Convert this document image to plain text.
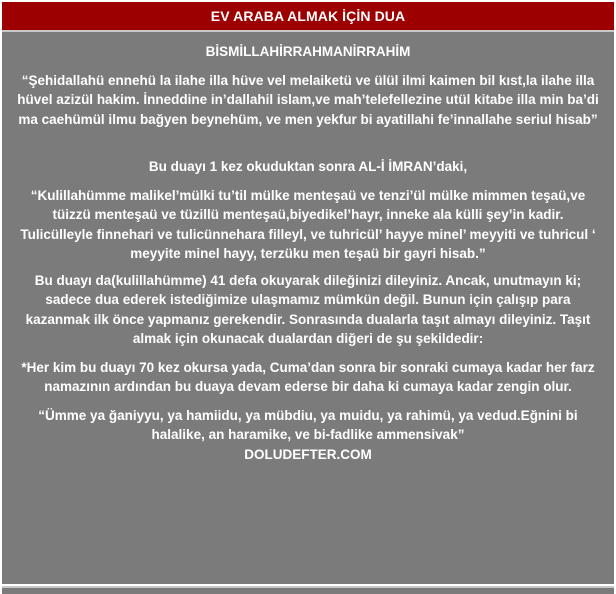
EV ARABA ALMAK İÇİN DUA

BİSMİLLAHİRRAHMANİRRAHİM

“Şehidallahü ennehü la ilahe illa hüve vel melaiketü ve ülül ilmi kaimen bil kıst,la ilahe illa hüvel azizül hakim. İnneddine in’dallahil islam,ve mah’telefellezine utül kitabe illa min ba’di ma caehümül ilmu bağyen beynehüm, ve men yekfur bi ayatillahi fe’innallahe seriul hisab”

Bu duayı 1 kez okuduktan sonra AL-İ İMRAN’daki,

“Kulillahümme malikel’mülki tu’til mülke menteşaü ve tenzi’ül mülke mimmen teşaü,ve tüizzü menteşaü ve tüzillü menteşaü,biyedikel’hayr, inneke ala külli şey’in kadir. Tulicülleyle finnehari ve tulicünnehara filleyl, ve tuhricül’ hayye minel’ meyyiti ve tuhricul ‘ meyyite minel hayy, terzüku men teşaü bir gayri hisab.”

Bu duayı da(kulillahümme) 41 defa okuyarak dileğinizi dileyiniz. Ancak, unutmayın ki; sadece dua ederek istediğimize ulaşmamız mümkün değil. Bunun için çalışıp para kazanmak ilk önce yapmanız gerekendir. Sonrasında dualarla taşıt almayı dileyiniz. Taşıt almak için okunacak dualardan diğeri de şu şekildedir:

*Her kim bu duayı 70 kez okursa yada, Cuma’dan sonra bir sonraki cumaya kadar her farz namazının ardından bu duaya devam ederse bir daha ki cumaya kadar zengin olur.

“Ümme ya ğaniyyu, ya hamiidu, ya mübdiu, ya muidu, ya rahimü, ya vedud.Eğnini bi halalike, an haramike, ve bi-fadlike ammensivak”

DOLUDEFTER.COM
